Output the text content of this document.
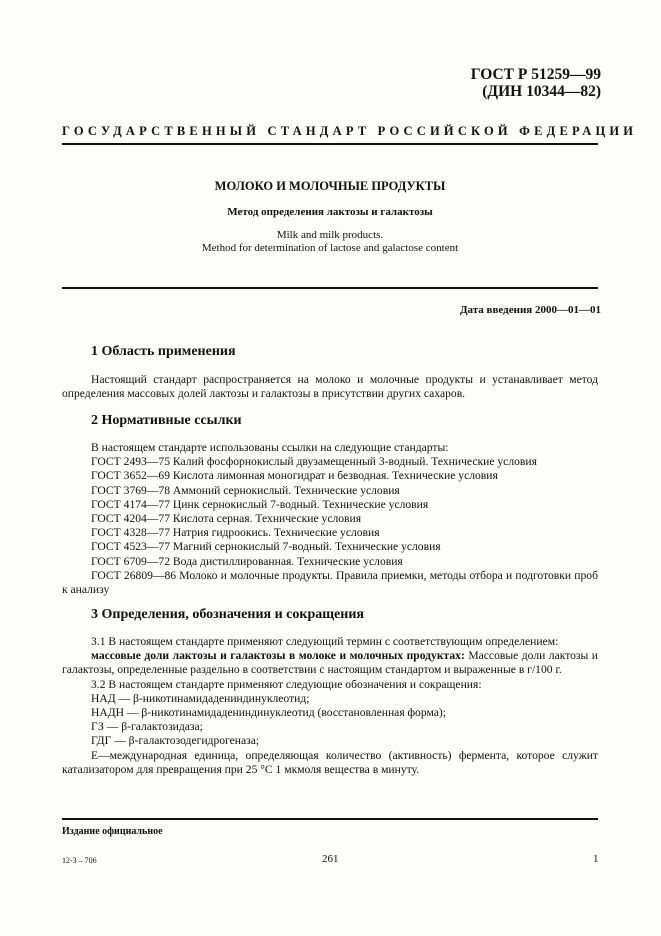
ГОСТ Р 51259—99
(ДИН 10344—82)
ГОСУДАРСТВЕННЫЙ СТАНДАРТ РОССИЙСКОЙ ФЕДЕРАЦИИ
МОЛОКО И МОЛОЧНЫЕ ПРОДУКТЫ
Метод определения лактозы и галактозы
Milk and milk products.
Method for determination of lactose and galactose content
Дата введения 2000—01—01
1 Область применения

Настоящий стандарт распространяется на молоко и молочные продукты и устанавливает метод определения массовых долей лактозы и галактозы в присутствии других сахаров.

2 Нормативные ссылки

В настоящем стандарте использованы ссылки на следующие стандарты:

ГОСТ 2493—75 Калий фосфорнокислый двузамещенный 3-водный. Технические условия

ГОСТ 3652—69 Кислота лимонная моногидрат и безводная. Технические условия

ГОСТ 3769—78 Аммоний сернокислый. Технические условия

ГОСТ 4174—77 Цинк сернокислый 7-водный. Технические условия

ГОСТ 4204—77 Кислота серная. Технические условия

ГОСТ 4328—77 Натрия гидроокись. Технические условия

ГОСТ 4523—77 Магний сернокислый 7-водный. Технические условия

ГОСТ 6709—72 Вода дистиллированная. Технические условия

ГОСТ 26809—86 Молоко и молочные продукты. Правила приемки, методы отбора и подготовки проб к анализу

3 Определения, обозначения и сокращения

3.1 В настоящем стандарте применяют следующий термин с соответствующим определением:

массовые доли лактозы и галактозы в молоке и молочных продуктах: Массовые доли лактозы и галактозы, определенные раздельно в соответствии с настоящим стандартом и выраженные в г/100 г.

3.2 В настоящем стандарте применяют следующие обозначения и сокращения:

НАД — β-никотинамидадениндинуклеотид;

НАДН — β-никотинамидадениндинуклеотид (восстановленная форма);

ГЗ — β-галактозидаза;

ГДГ — β-галактозодегидрогеназа;

Е—международная единица, определяющая количество (активность) фермента, которое служит катализатором для превращения при 25 °С 1 мкмоля вещества в минуту.

Издание официальное
12-3 – 706	261	1
